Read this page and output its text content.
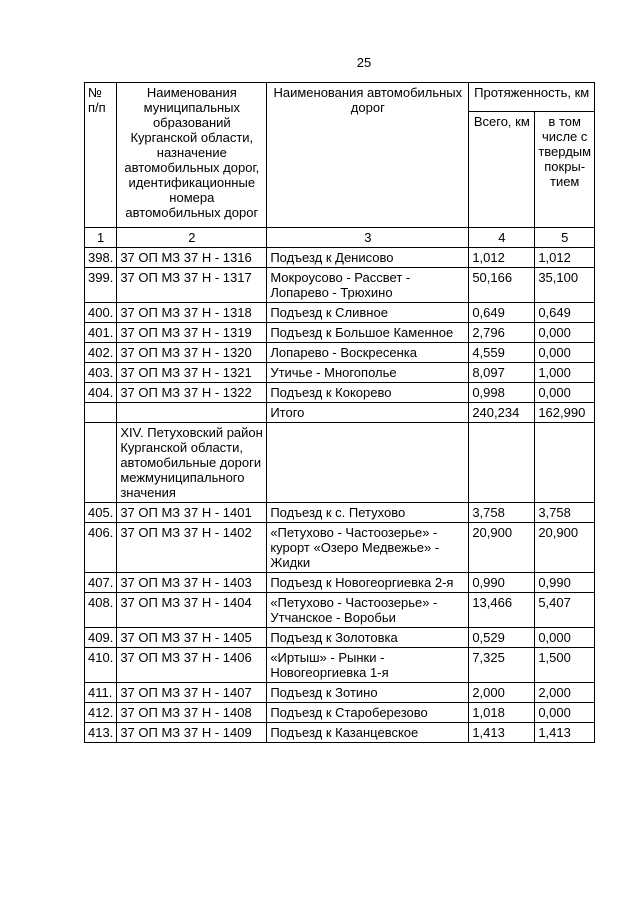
25
№ п/п	Наименования муниципальных образований Курганской области, назначение автомобильных дорог, идентификационные номера автомобильных дорог	Наименования автомобильных дорог	Протяженность, км	
			Всего, км	в том числе с твердым покры-тием
1	2	3	4	5
398.	37 ОП МЗ 37 Н - 1316	Подъезд к Денисово	1,012	1,012
399.	37 ОП МЗ 37 Н - 1317	Мокроусово - Рассвет - Лопарево - Трюхино	50,166	35,100
400.	37 ОП МЗ 37 Н - 1318	Подъезд к Сливное	0,649	0,649
401.	37 ОП МЗ 37 Н - 1319	Подъезд к Большое Каменное	2,796	0,000
402.	37 ОП МЗ 37 Н - 1320	Лопарево - Воскресенка	4,559	0,000
403.	37 ОП МЗ 37 Н - 1321	Утичье - Многополье	8,097	1,000
404.	37 ОП МЗ 37 Н - 1322	Подъезд к Кокорево	0,998	0,000
		Итого	240,234	162,990
	XIV. Петуховский район Курганской области, автомобильные дороги межмуниципального значения			
405.	37 ОП МЗ 37 Н - 1401	Подъезд к с. Петухово	3,758	3,758
406.	37 ОП МЗ 37 Н - 1402	«Петухово - Частоозерье» - курорт «Озеро Медвежье» - Жидки	20,900	20,900
407.	37 ОП МЗ 37 Н - 1403	Подъезд к Новогеоргиевка 2-я	0,990	0,990
408.	37 ОП МЗ 37 Н - 1404	«Петухово - Частоозерье» - Утчанское - Воробьи	13,466	5,407
409.	37 ОП МЗ 37 Н - 1405	Подъезд к Золотовка	0,529	0,000
410.	37 ОП МЗ 37 Н - 1406	«Иртыш» - Рынки - Новогеоргиевка 1-я	7,325	1,500
411.	37 ОП МЗ 37 Н - 1407	Подъезд к Зотино	2,000	2,000
412.	37 ОП МЗ 37 Н - 1408	Подъезд к Староберезово	1,018	0,000
413.	37 ОП МЗ 37 Н - 1409	Подъезд к Казанцевское	1,413	1,413
